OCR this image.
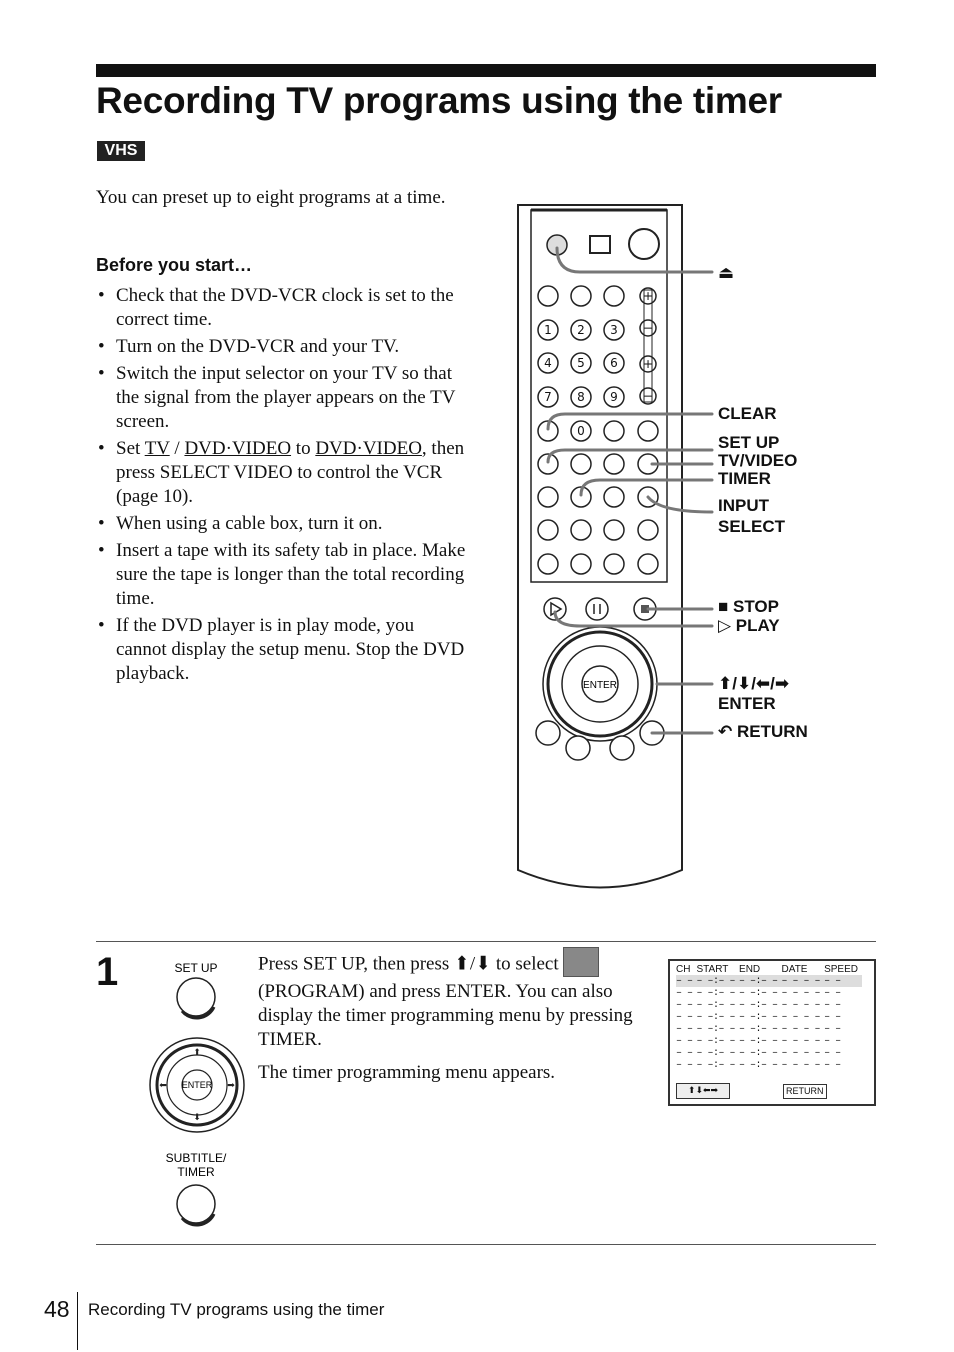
Recording TV programs using the timer
VHS
You can preset up to eight programs at a time.
Before you start…
• Check that the DVD-VCR clock is set to the correct time.
• Turn on the DVD-VCR and your TV.
• Switch the input selector on your TV so that the signal from the player appears on the TV screen.
• Set TV / DVD·VIDEO to DVD·VIDEO, then press SELECT VIDEO to control the VCR (page 10).
• When using a cable box, turn it on.
• Insert a tape with its safety tab in place. Make sure the tape is longer than the total recording time.
• If the DVD player is in play mode, you cannot display the setup menu. Stop the DVD playback.
+
−
+
−
1 2 3
4 5 6
7 8 9
0
ENTER
⏏
CLEAR
SET UP
TV/VIDEO
TIMER
INPUT
SELECT
■ STOP
▷ PLAY
⬆/⬇/⬅/➡
ENTER
↶ RETURN
1
⬆
⬇
⬅	➡
SET UP
ENTER
SUBTITLE/
TIMER

Press SET UP, then press ⬆/⬇ to select  (PROGRAM) and press ENTER. You can also display the timer programming menu by pressing TIMER.

The timer programming menu appears.

CH	START	END	DATE	SPEED
– –	– –:– –	– –:– –	– – – –	– –
– –	– –:– –	– –:– –	– – – –	– –
– –	– –:– –	– –:– –	– – – –	– –
– –	– –:– –	– –:– –	– – – –	– –
– –	– –:– –	– –:– –	– – – –	– –
– –	– –:– –	– –:– –	– – – –	– –
– –	– –:– –	– –:– –	– – – –	– –
– –	– –:– –	– –:– –	– – – –	– –
⬆⬇⬅➡	RETURN
48 Recording TV programs using the timer
